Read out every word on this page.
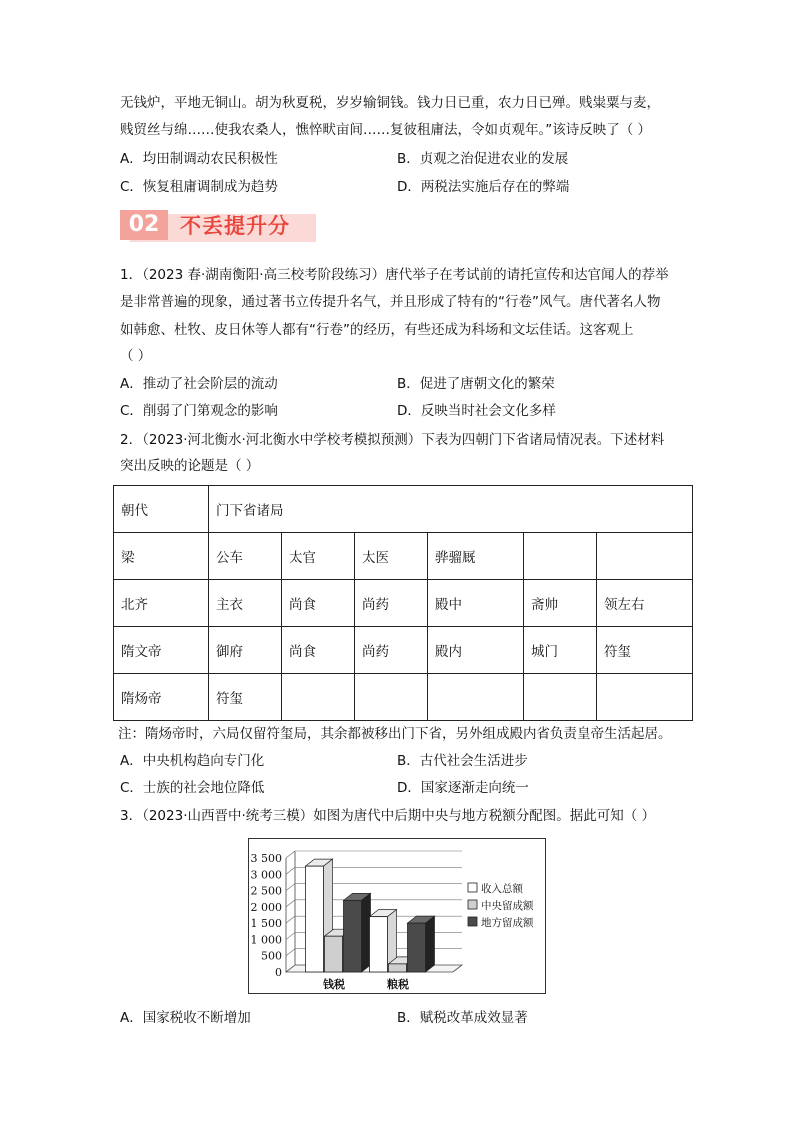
无钱炉，平地无铜山。胡为秋夏税，岁岁输铜钱。钱力日已重，农力日已殚。贱粜粟与麦，
贱贸丝与绵……使我农桑人，憔悴畎亩间……复彼租庸法，令如贞观年。”该诗反映了（ ）
A．均田制调动农民积极性	B．贞观之治促进农业的发展
C．恢复租庸调制成为趋势	D．两税法实施后存在的弊端
02 不丢提升分
1．（2023 春·湖南衡阳·高三校考阶段练习）唐代举子在考试前的请托宣传和达官闻人的荐举
是非常普遍的现象，通过著书立传提升名气，并且形成了特有的“行卷”风气。唐代著名人物
如韩愈、杜牧、皮日休等人都有“行卷”的经历，有些还成为科场和文坛佳话。这客观上
（ ）
A．推动了社会阶层的流动	B．促进了唐朝文化的繁荣
C．削弱了门第观念的影响	D．反映当时社会文化多样
2．（2023·河北衡水·河北衡水中学校考模拟预测）下表为四朝门下省诸局情况表。下述材料
突出反映的论题是（ ）
朝代	门下省诸局					
梁	公车	太官	太医	骅骝厩		
北齐	主衣	尚食	尚药	殿中	斋帅	领左右
隋文帝	御府	尚食	尚药	殿内	城门	符玺
隋炀帝	符玺					
注：隋炀帝时，六局仅留符玺局，其余都被移出门下省，另外组成殿内省负责皇帝生活起居。
A．中央机构趋向专门化	B．古代社会生活进步
C．士族的社会地位降低	D．国家逐渐走向统一
3．（2023·山西晋中·统考三模）如图为唐代中后期中央与地方税额分配图。据此可知（ ）
0
500
1 000
1 500
2 000
2 500
3 000
3 500
钱税	粮税
收入总额
中央留成额
地方留成额
A．国家税收不断增加	B．赋税改革成效显著
